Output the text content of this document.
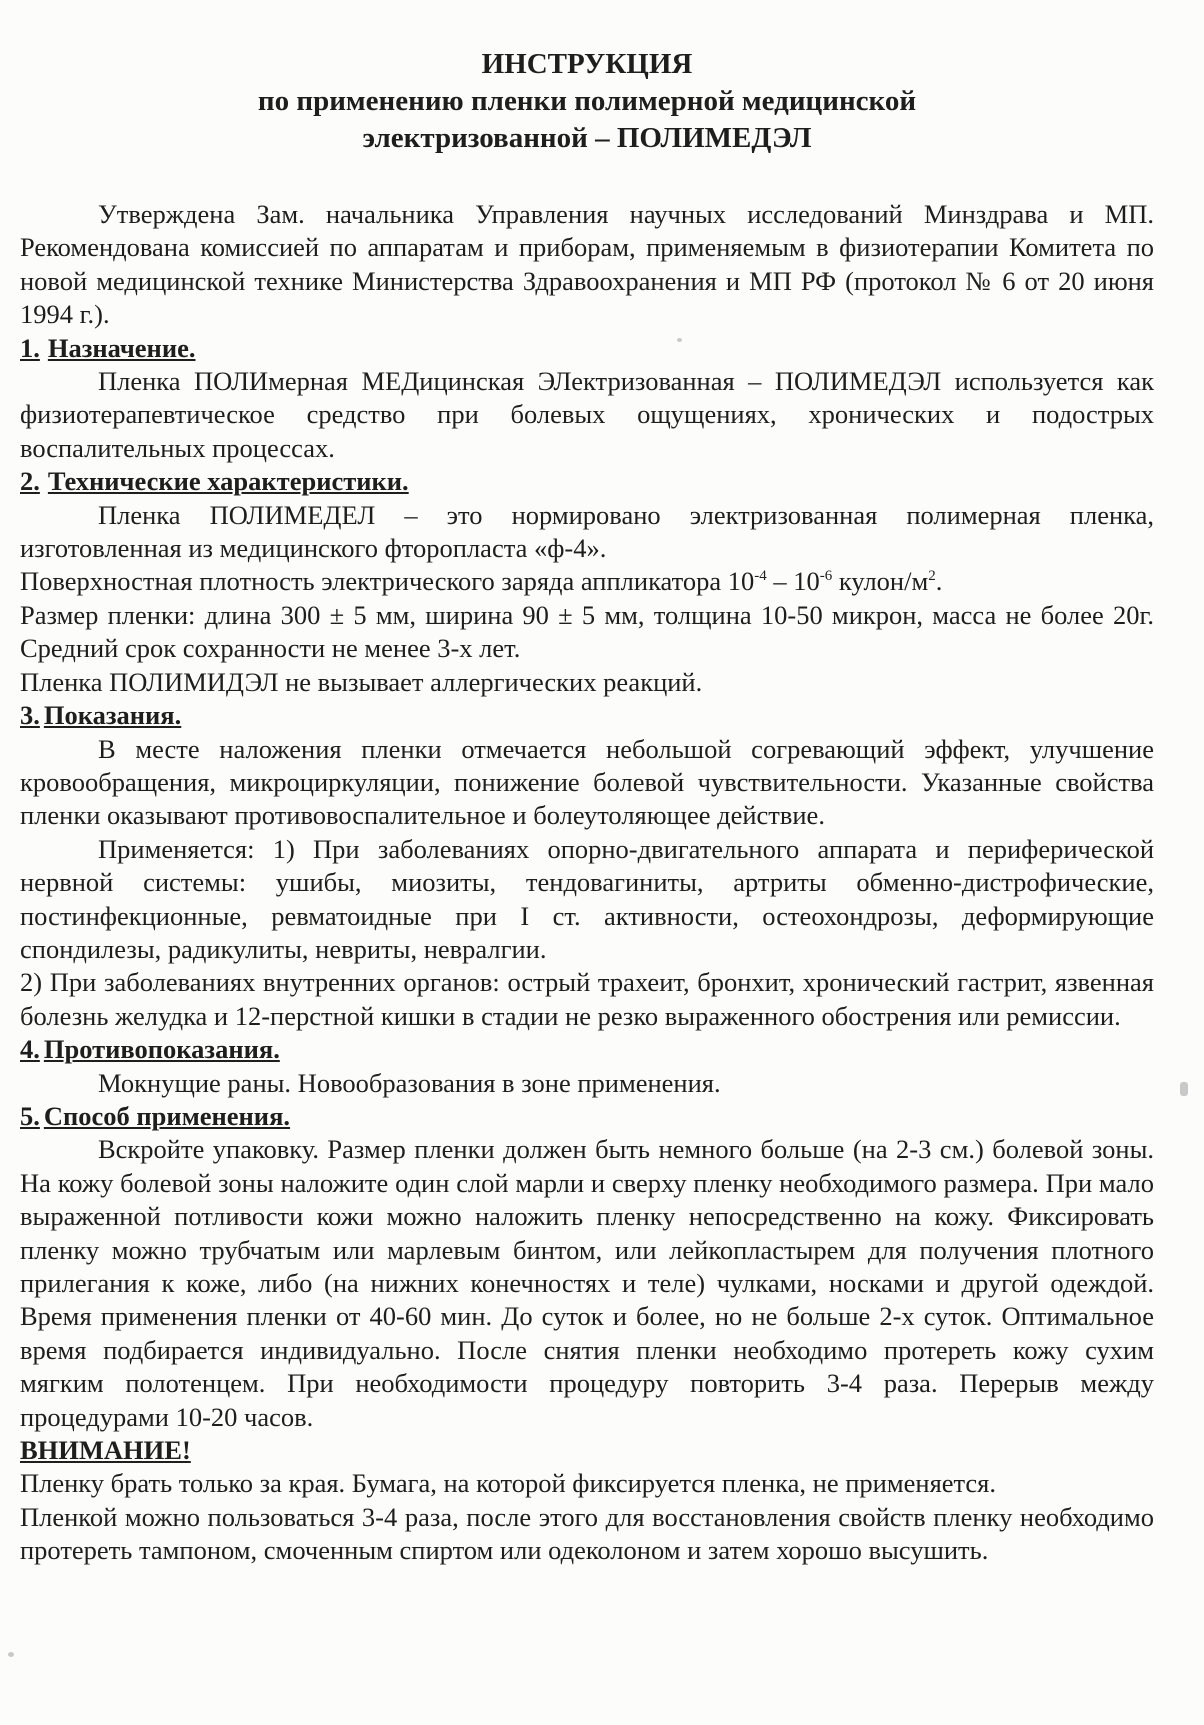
ИНСТРУКЦИЯ

по применению пленки полимерной медицинской

электризованной – ПОЛИМЕДЭЛ

Утверждена Зам. начальника Управления научных исследований Минздрава и МП. Рекомендована комиссией по аппаратам и приборам, применяемым в физиотерапии Комитета по новой медицинской технике Министерства Здравоохранения и МП РФ (протокол № 6 от 20 июня 1994 г.).

1. Назначение.

Пленка ПОЛИмерная МЕДицинская ЭЛектризованная – ПОЛИМЕДЭЛ используется как физиотерапевтическое средство при болевых ощущениях, хронических и подострых воспалительных процессах.

2. Технические характеристики.

Пленка ПОЛИМЕДЕЛ – это нормировано электризованная полимерная пленка, изготовленная из медицинского фторопласта «ф-4».

Поверхностная плотность электрического заряда аппликатора $10^{-4} - 10^{-6}$ кулон/$м^2$.

Размер пленки: длина 300 ± 5 мм, ширина 90 ± 5 мм, толщина 10-50 микрон, масса не более 20г. Средний срок сохранности не менее 3-х лет.

Пленка ПОЛИМИДЭЛ не вызывает аллергических реакций.

3. Показания.

В месте наложения пленки отмечается небольшой согревающий эффект, улучшение кровообращения, микроциркуляции, понижение болевой чувствительности. Указанные свойства пленки оказывают противовоспалительное и болеутоляющее действие.

Применяется: 1) При заболеваниях опорно-двигательного аппарата и периферической нервной системы: ушибы, миозиты, тендовагиниты, артриты обменно-дистрофические, постинфекционные, ревматоидные при I ст. активности, остеохондрозы, деформирующие спондилезы, радикулиты, невриты, невралгии.

2) При заболеваниях внутренних органов: острый трахеит, бронхит, хронический гастрит, язвенная болезнь желудка и 12-перстной кишки в стадии не резко выраженного обострения или ремиссии.

4. Противопоказания.

Мокнущие раны. Новообразования в зоне применения.

5. Способ применения.

Вскройте упаковку. Размер пленки должен быть немного больше (на 2-3 см.) болевой зоны. На кожу болевой зоны наложите один слой марли и сверху пленку необходимого размера. При мало выраженной потливости кожи можно наложить пленку непосредственно на кожу. Фиксировать пленку можно трубчатым или марлевым бинтом, или лейкопластырем для получения плотного прилегания к коже, либо (на нижних конечностях и теле) чулками, носками и другой одеждой. Время применения пленки от 40-60 мин. До суток и более, но не больше 2-х суток. Оптимальное время подбирается индивидуально. После снятия пленки необходимо протереть кожу сухим мягким полотенцем. При необходимости процедуру повторить 3-4 раза. Перерыв между процедурами 10-20 часов.

ВНИМАНИЕ!

Пленку брать только за края. Бумага, на которой фиксируется пленка, не применяется.

Пленкой можно пользоваться 3-4 раза, после этого для восстановления свойств пленку необходимо протереть тампоном, смоченным спиртом или одеколоном и затем хорошо высушить.
